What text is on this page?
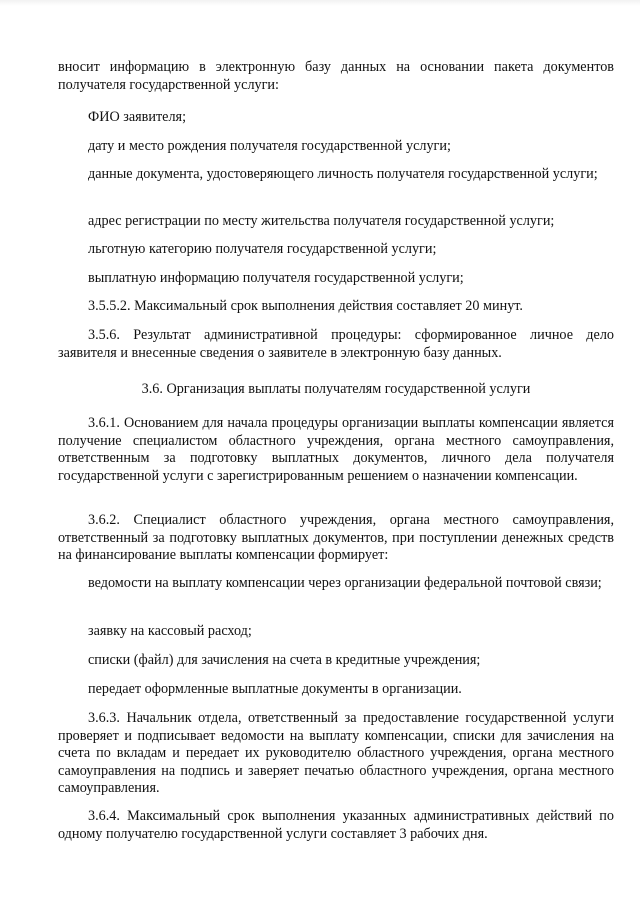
вносит информацию в электронную базу данных на основании пакета документов получателя государственной услуги:

ФИО заявителя;

дату и место рождения получателя государственной услуги;

данные документа, удостоверяющего личность получателя государственной услуги;

адрес регистрации по месту жительства получателя государственной услуги;

льготную категорию получателя государственной услуги;

выплатную информацию получателя государственной услуги;

3.5.5.2. Максимальный срок выполнения действия составляет 20 минут.

3.5.6. Результат административной процедуры: сформированное личное дело заявителя и внесенные сведения о заявителе в электронную базу данных.

3.6. Организация выплаты получателям государственной услуги

3.6.1. Основанием для начала процедуры организации выплаты компенсации является получение специалистом областного учреждения, органа местного самоуправления, ответственным за подготовку выплатных документов, личного дела получателя государственной услуги с зарегистрированным решением о назначении компенсации.

3.6.2. Специалист областного учреждения, органа местного самоуправления, ответственный за подготовку выплатных документов, при поступлении денежных средств на финансирование выплаты компенсации формирует:

ведомости на выплату компенсации через организации федеральной почтовой связи;

заявку на кассовый расход;

списки (файл) для зачисления на счета в кредитные учреждения;

передает оформленные выплатные документы в организации.

3.6.3. Начальник отдела, ответственный за предоставление государственной услуги проверяет и подписывает ведомости на выплату компенсации, списки для зачисления на счета по вкладам и передает их руководителю областного учреждения, органа местного самоуправления на подпись и заверяет печатью областного учреждения, органа местного самоуправления.

3.6.4. Максимальный срок выполнения указанных административных действий по одному получателю государственной услуги составляет 3 рабочих дня.
